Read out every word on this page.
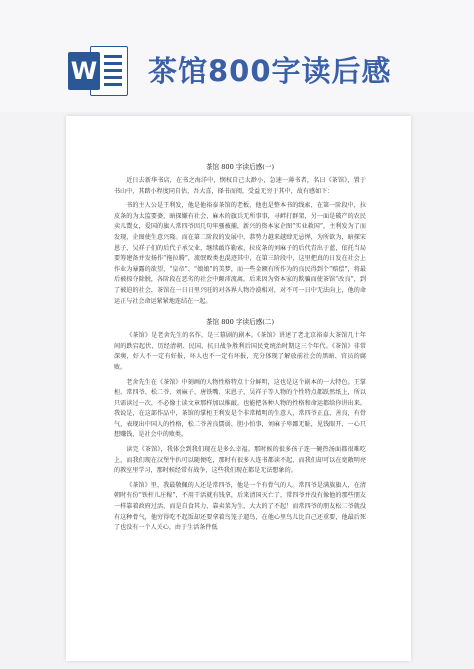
W 茶馆800字读后感
茶馆 800 字读后感(一)

近日去新华书店，在书之海洋中，悯权自己太渺小，急速一薄书者，名曰《茶馆》，置于书山中，其踏小程度同自估，吾大喜，择书而阅，受益无穷于其中，故有感如下：

书的主人公是王利发，他是他裕泰茶馆的老板，他也是整本书的线索，在第一阶段中，拉皮条的为太监要婆，暗探嫌有社会，麻木的旗兵无所事事，寻衅打群架，另一面是破产的农民卖儿鬻女，爱国的旗人常四爷因几句牢骚被捕，新兴的资本家企图“实业救国”，主利发为了而发现，企图使生意兴隆。而在第二阶段的发展中，恭势力越来越肆无忌惮，为所欲为，暗探宋恩子、吴祥子们的后代子承父业，继续敲诈勒索，拉皮条的刘麻子的后代青出于蓝，依托当局要筹建备并发扬作“拖拉腾”，流氓败类也混迹其中，在第三阶段中，这里把真的日发在社会上作业为暴露的欲望，“皇帝”、“娘娘”的美梦，而一些金额有所作为的良民得到个“赔偿”，将最后被掠夺除脱，各阶段在恶劣的社会中颠沛流离，后来因为资本家的欺骗而使茶馆“改良”，到了被迫的社会，茶馆在一日日里兴旺的对各界人物冷漠相对，对不可一日中无法向上，他的命运正与社会命运紧紧地连结在一起。

茶馆 800 字读后感(二)

《茶馆》是老舍先生的名作，是三幕剧的剧本。《茶馆》讲述了老北京裕泰大茶馆几十年间的跌宕起伏，历经清朝、民国、抗日战争胜利后国民党统治时期这三个年代。《茶馆》非常深奥，好人不一定有好报，坏人也不一定有坏报，充分体现了解放前社会的黑暗、官员的腐败。

老舍先生在《茶馆》中刻画的人物性格特点十分鲜明，这也是这个剧本的一大特色。王掌柜、常四爷、松二爷、刘麻子、唐铁嘴、宋恩子、吴祥子等人物的个性特点都跃然纸上，所以只需读过一次，不必像士读文章那样加以推敲，也能把各种人物的性格和命运都给你讲出来。我说是，在这部作品中，茶馆的掌柜王利发是个非常精明的生意人，常四爷正直、善良，有骨气，表现出中国人的性格，松二爷善良懦弱、胆小怕事，刘麻子卑鄙无耻，见钱眼开，一心只想赚钱，是社会中的败类。

读完《茶馆》，我体会到我们现在是多么幸福。那时候的很多孩子连一碗热汤面都很难吃上，而我们现在汉堡牛扒可以随便吃，那时有很多人连书都读不起，而我们却可以在宽敞明亮的教室里学习，那时候经常有战争，这些我们现在都是无法想象的。

《茶馆》里，我最敬佩的人还是常四爷，他是一个有骨气的人。常四爷是满族旗人，在清朝时有份“铁杆儿庄稼”，不用干活就有钱拿，后来清国灭亡了，常四爷并没有像他的那些朋友一样靠着政府过活，而是自食其力，靠卖菜为生，大大的了不起！而常四爷的朋友松二爷就没有这种骨气，他穷得吃不起饭却还要拿着鸟笼子遛鸟，在他心里鸟儿比自己还重要，他最后死了也没有一个人关心，由于生活条件低
